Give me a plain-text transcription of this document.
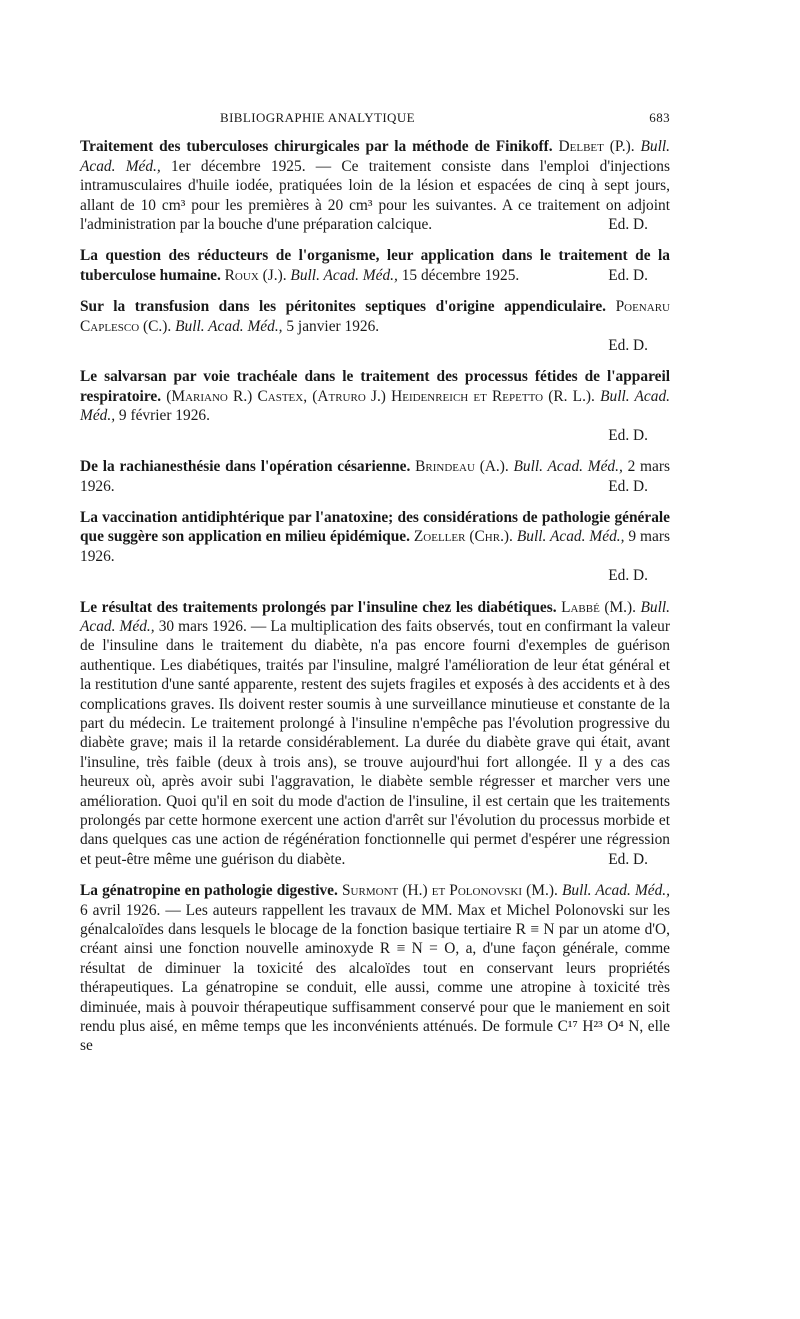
BIBLIOGRAPHIE ANALYTIQUE	683

Traitement des tuberculoses chirurgicales par la méthode de Finikoff. Delbet (P.). Bull. Acad. Méd., 1er décembre 1925. — Ce traitement consiste dans l'emploi d'injections intramusculaires d'huile iodée, pratiquées loin de la lésion et espacées de cinq à sept jours, allant de 10 cm³ pour les premières à 20 cm³ pour les suivantes. A ce traitement on adjoint l'administration par la bouche d'une préparation calcique.	Ed. D.

La question des réducteurs de l'organisme, leur application dans le traitement de la tuberculose humaine. Roux (J.). Bull. Acad. Méd., 15 décembre 1925.	Ed. D.

Sur la transfusion dans les péritonites septiques d'origine appendiculaire. Poenaru Caplesco (C.). Bull. Acad. Méd., 5 janvier 1926.

Ed. D.

Le salvarsan par voie trachéale dans le traitement des processus fétides de l'appareil respiratoire. (Mariano R.) Castex, (Atruro J.) Heidenreich et Repetto (R. L.). Bull. Acad. Méd., 9 février 1926.

Ed. D.

De la rachianesthésie dans l'opération césarienne. Brindeau (A.). Bull. Acad. Méd., 2 mars 1926.	Ed. D.

La vaccination antidiphtérique par l'anatoxine; des considérations de pathologie générale que suggère son application en milieu épidémique. Zoeller (Chr.). Bull. Acad. Méd., 9 mars 1926.

Ed. D.

Le résultat des traitements prolongés par l'insuline chez les diabétiques. Labbé (M.). Bull. Acad. Méd., 30 mars 1926. — La multiplication des faits observés, tout en confirmant la valeur de l'insuline dans le traitement du diabète, n'a pas encore fourni d'exemples de guérison authentique. Les diabétiques, traités par l'insuline, malgré l'amélioration de leur état général et la restitution d'une santé apparente, restent des sujets fragiles et exposés à des accidents et à des complications graves. Ils doivent rester soumis à une surveillance minutieuse et constante de la part du médecin. Le traitement prolongé à l'insuline n'empêche pas l'évolution progressive du diabète grave; mais il la retarde considérablement. La durée du diabète grave qui était, avant l'insuline, très faible (deux à trois ans), se trouve aujourd'hui fort allongée. Il y a des cas heureux où, après avoir subi l'aggravation, le diabète semble régresser et marcher vers une amélioration. Quoi qu'il en soit du mode d'action de l'insuline, il est certain que les traitements prolongés par cette hormone exercent une action d'arrêt sur l'évolution du processus morbide et dans quelques cas une action de régénération fonctionnelle qui permet d'espérer une régression et peut-être même une guérison du diabète.	Ed. D.

La génatropine en pathologie digestive. Surmont (H.) et Polonovski (M.). Bull. Acad. Méd., 6 avril 1926. — Les auteurs rappellent les travaux de MM. Max et Michel Polonovski sur les génalcaloïdes dans lesquels le blocage de la fonction basique tertiaire R ≡ N par un atome d'O, créant ainsi une fonction nouvelle aminoxyde R ≡ N = O, a, d'une façon générale, comme résultat de diminuer la toxicité des alcaloïdes tout en conservant leurs propriétés thérapeutiques. La génatropine se conduit, elle aussi, comme une atropine à toxicité très diminuée, mais à pouvoir thérapeutique suffisamment conservé pour que le maniement en soit rendu plus aisé, en même temps que les inconvénients atténués. De formule C¹⁷ H²³ O⁴ N, elle se
